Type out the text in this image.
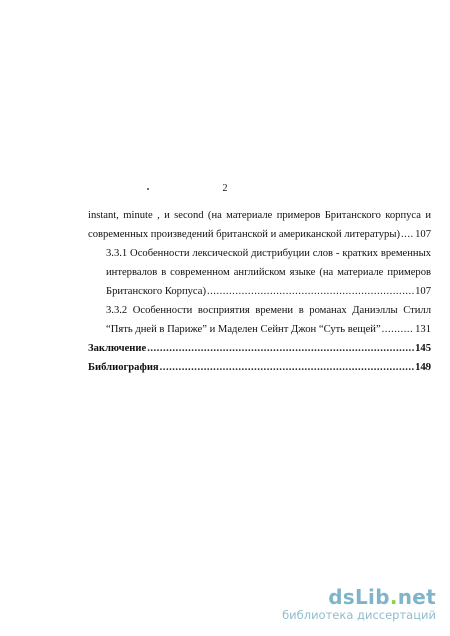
2
instant, minute , и second (на материале примеров Британского корпуса и
современных произведений британской и американской литературы) ..... 107
3.3.1 Особенности лексической дистрибуции слов - кратких временных
интервалов в современном английском языке (на материале примеров
Британского Корпуса) .....	107
3.3.2 Особенности восприятия времени в романах Даниэллы Стилл
“Пять дней в Париже” и Маделен Сейнт Джон “Суть вещей” .....	131
Заключение .....	145
Библиография .....	149
dsLib.net
библиотека диссертаций
